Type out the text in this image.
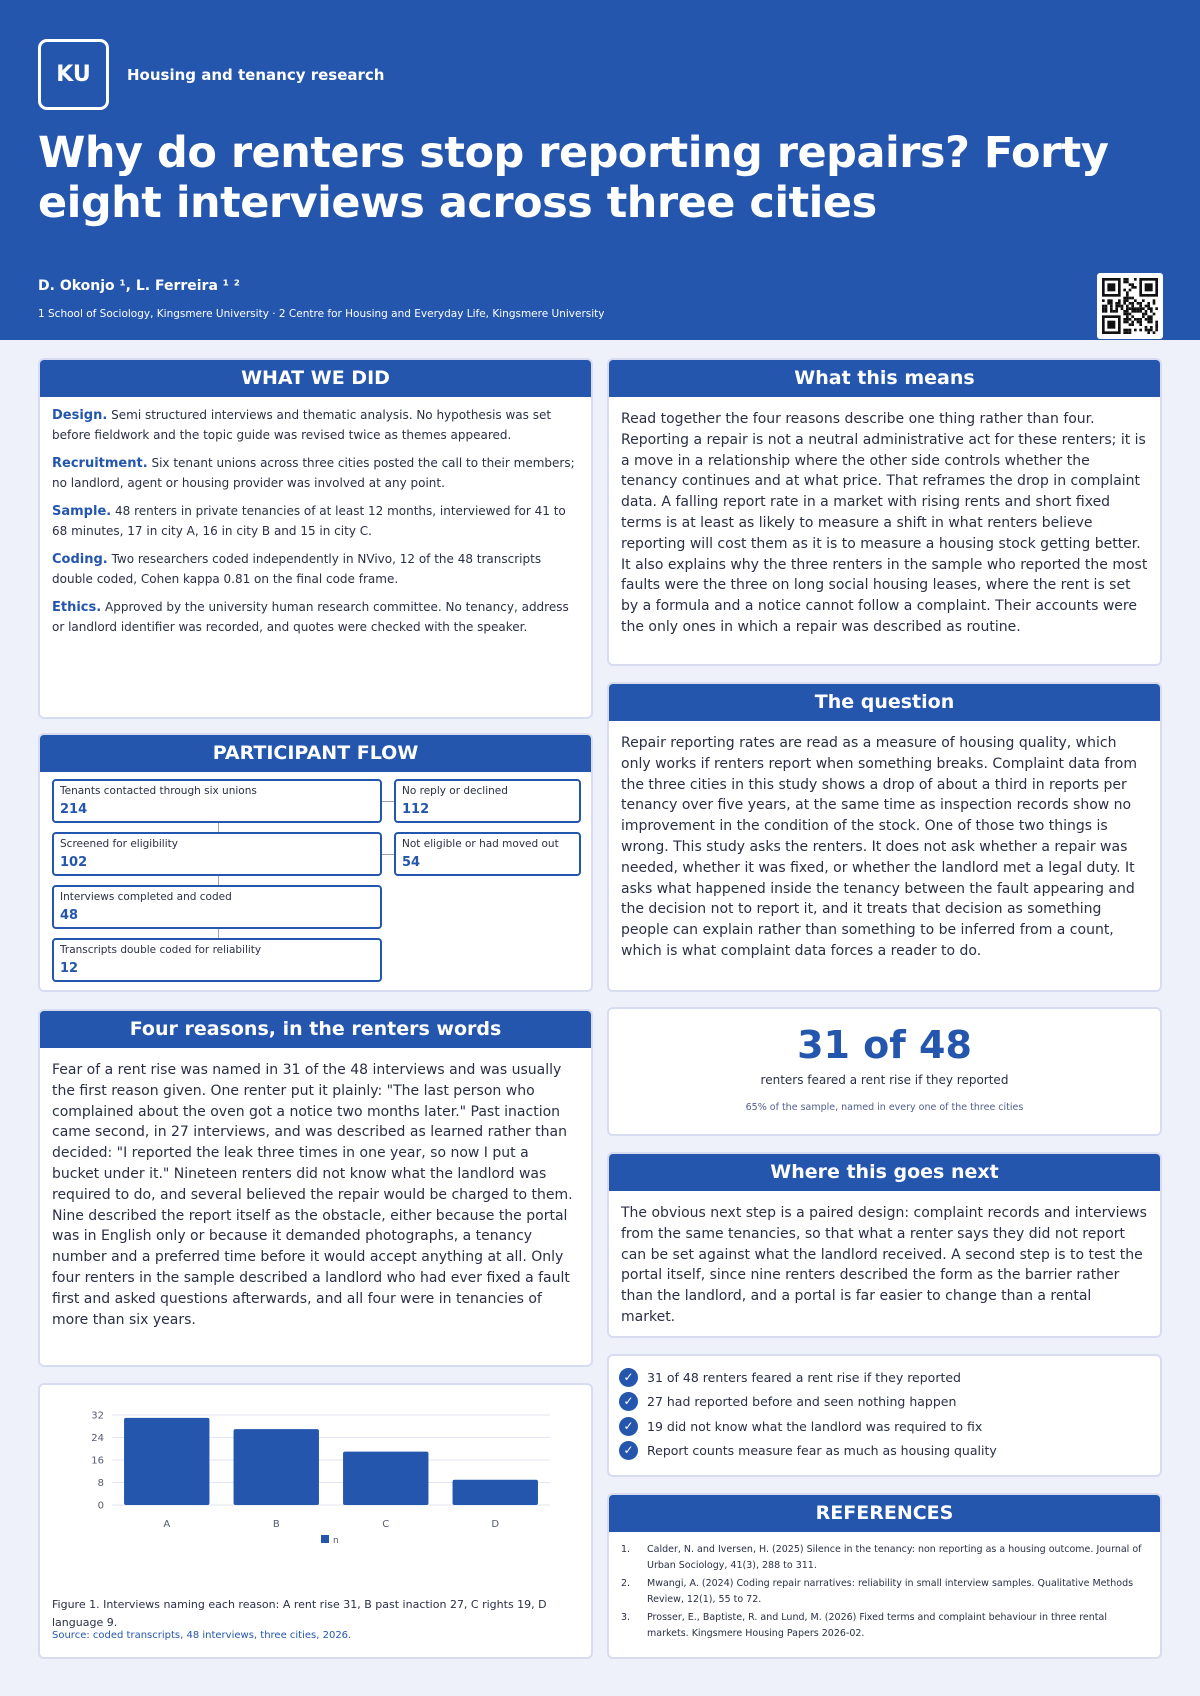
KU	Housing and tenancy research
Why do renters stop reporting repairs? Forty eight interviews across three cities
D. Okonjo ¹, L. Ferreira ¹ ²
1 School of Sociology, Kingsmere University · 2 Centre for Housing and Everyday Life, Kingsmere University
WHAT WE DID

Design. Semi structured interviews and thematic analysis. No hypothesis was set before fieldwork and the topic guide was revised twice as themes appeared.

Recruitment. Six tenant unions across three cities posted the call to their members; no landlord, agent or housing provider was involved at any point.

Sample. 48 renters in private tenancies of at least 12 months, interviewed for 41 to 68 minutes, 17 in city A, 16 in city B and 15 in city C.

Coding. Two researchers coded independently in NVivo, 12 of the 48 transcripts double coded, Cohen kappa 0.81 on the final code frame.

Ethics. Approved by the university human research committee. No tenancy, address or landlord identifier was recorded, and quotes were checked with the speaker.

PARTICIPANT FLOW
Tenants contacted through six unions
214
No reply or declined
112
Screened for eligibility
102
Not eligible or had moved out
54
Interviews completed and coded
48
Transcripts double coded for reliability
12
Four reasons, in the renters words
Fear of a rent rise was named in 31 of the 48 interviews and was usually the first reason given. One renter put it plainly: "The last person who complained about the oven got a notice two months later." Past inaction came second, in 27 interviews, and was described as learned rather than decided: "I reported the leak three times in one year, so now I put a bucket under it." Nineteen renters did not know what the landlord was required to do, and several believed the repair would be charged to them. Nine described the report itself as the obstacle, either because the portal was in English only or because it demanded photographs, a tenancy number and a preferred time before it would accept anything at all. Only four renters in the sample described a landlord who had ever fixed a fault first and asked questions afterwards, and all four were in tenancies of more than six years.
0
8
16
24
32
A	B	C	D
n
Figure 1. Interviews naming each reason: A rent rise 31, B past inaction 27, C rights 19, D language 9.
Source: coded transcripts, 48 interviews, three cities, 2026.
What this means
Read together the four reasons describe one thing rather than four. Reporting a repair is not a neutral administrative act for these renters; it is a move in a relationship where the other side controls whether the tenancy continues and at what price. That reframes the drop in complaint data. A falling report rate in a market with rising rents and short fixed terms is at least as likely to measure a shift in what renters believe reporting will cost them as it is to measure a housing stock getting better. It also explains why the three renters in the sample who reported the most faults were the three on long social housing leases, where the rent is set by a formula and a notice cannot follow a complaint. Their accounts were the only ones in which a repair was described as routine.
The question
Repair reporting rates are read as a measure of housing quality, which only works if renters report when something breaks. Complaint data from the three cities in this study shows a drop of about a third in reports per tenancy over five years, at the same time as inspection records show no improvement in the condition of the stock. One of those two things is wrong. This study asks the renters. It does not ask whether a repair was needed, whether it was fixed, or whether the landlord met a legal duty. It asks what happened inside the tenancy between the fault appearing and the decision not to report it, and it treats that decision as something people can explain rather than something to be inferred from a count, which is what complaint data forces a reader to do.
31 of 48
renters feared a rent rise if they reported
65% of the sample, named in every one of the three cities
Where this goes next
The obvious next step is a paired design: complaint records and interviews from the same tenancies, so that what a renter says they did not report can be set against what the landlord received. A second step is to test the portal itself, since nine renters described the form as the barrier rather than the landlord, and a portal is far easier to change than a rental market.
✓	31 of 48 renters feared a rent rise if they reported
✓	27 had reported before and seen nothing happen
✓	19 did not know what the landlord was required to fix
✓	Report counts measure fear as much as housing quality
REFERENCES
1.	Calder, N. and Iversen, H. (2025) Silence in the tenancy: non reporting as a housing outcome. Journal of Urban Sociology, 41(3), 288 to 311.
2.	Mwangi, A. (2024) Coding repair narratives: reliability in small interview samples. Qualitative Methods Review, 12(1), 55 to 72.
3.	Prosser, E., Baptiste, R. and Lund, M. (2026) Fixed terms and complaint behaviour in three rental markets. Kingsmere Housing Papers 2026-02.
